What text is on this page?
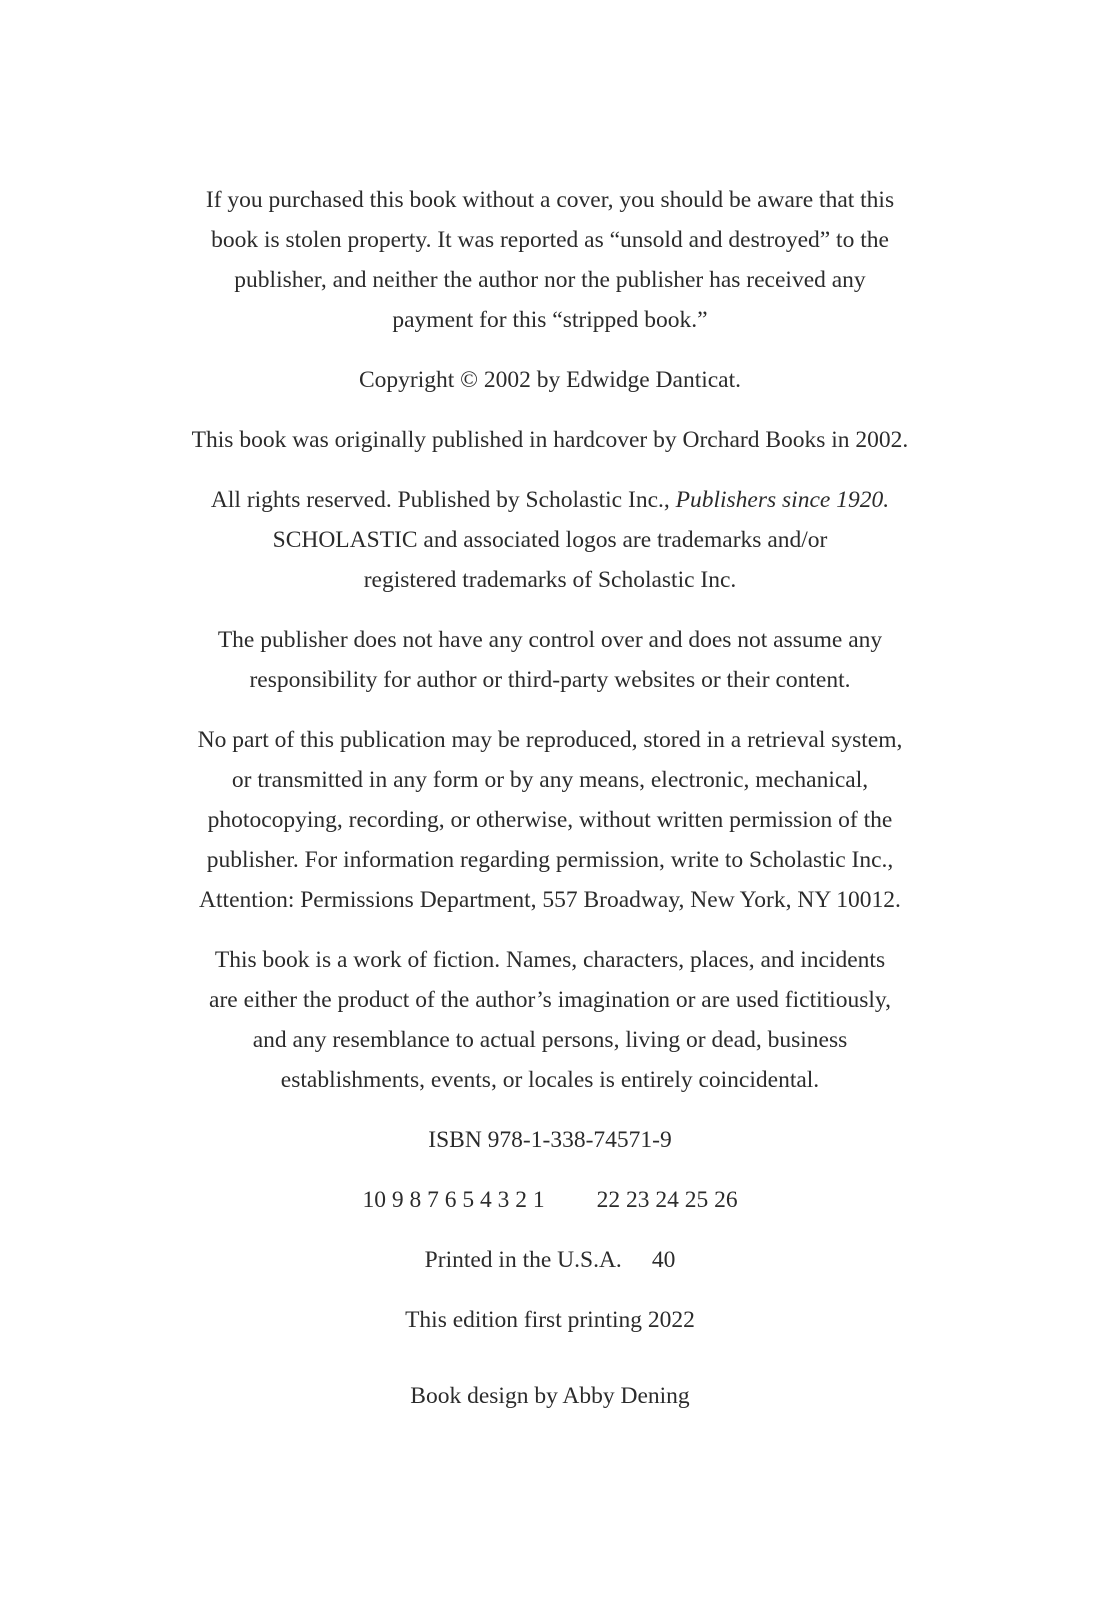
If you purchased this book without a cover, you should be aware that this
book is stolen property. It was reported as “unsold and destroyed” to the
publisher, and neither the author nor the publisher has received any
payment for this “stripped book.”
Copyright © 2002 by Edwidge Danticat.
This book was originally published in hardcover by Orchard Books in 2002.
All rights reserved. Published by Scholastic Inc., Publishers since 1920.
SCHOLASTIC and associated logos are trademarks and/or
registered trademarks of Scholastic Inc.
The publisher does not have any control over and does not assume any
responsibility for author or third-party websites or their content.
No part of this publication may be reproduced, stored in a retrieval system,
or transmitted in any form or by any means, electronic, mechanical,
photocopying, recording, or otherwise, without written permission of the
publisher. For information regarding permission, write to Scholastic Inc.,
Attention: Permissions Department, 557 Broadway, New York, NY 10012.
This book is a work of fiction. Names, characters, places, and incidents
are either the product of the author’s imagination or are used fictitiously,
and any resemblance to actual persons, living or dead, business
establishments, events, or locales is entirely coincidental.
ISBN 978-1-338-74571-9
10 9 8 7 6 5 4 3 2 1 22 23 24 25 26
Printed in the U.S.A. 40
This edition first printing 2022
Book design by Abby Dening
